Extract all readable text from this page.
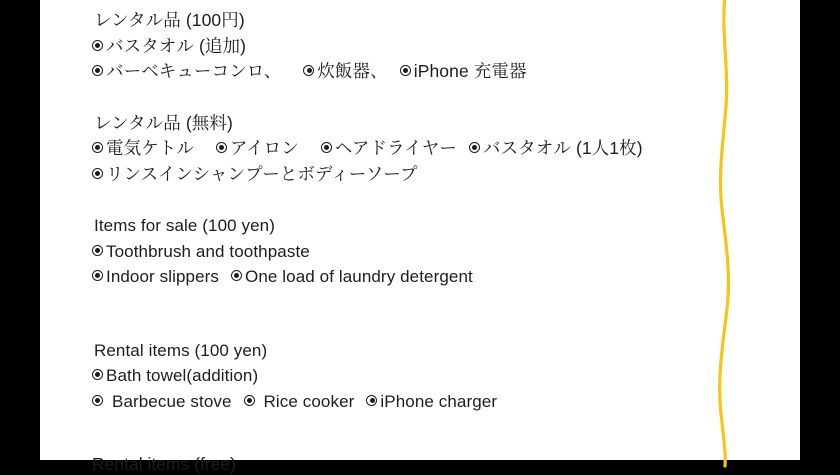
レンタル品 (100円)
バスタオル (追加)
バーベキューコンロ、 炊飯器、 iPhone 充電器
レンタル品 (無料)
電気ケトル アイロン ヘアドライヤー バスタオル (1人1枚)
リンスインシャンプーとボディーソープ
Items for sale (100 yen)
Toothbrush and toothpaste
Indoor slippers One load of laundry detergent
Rental items (100 yen)
Bath towel(addition)
Barbecue stove Rice cooker iPhone charger
Rental items (free)
